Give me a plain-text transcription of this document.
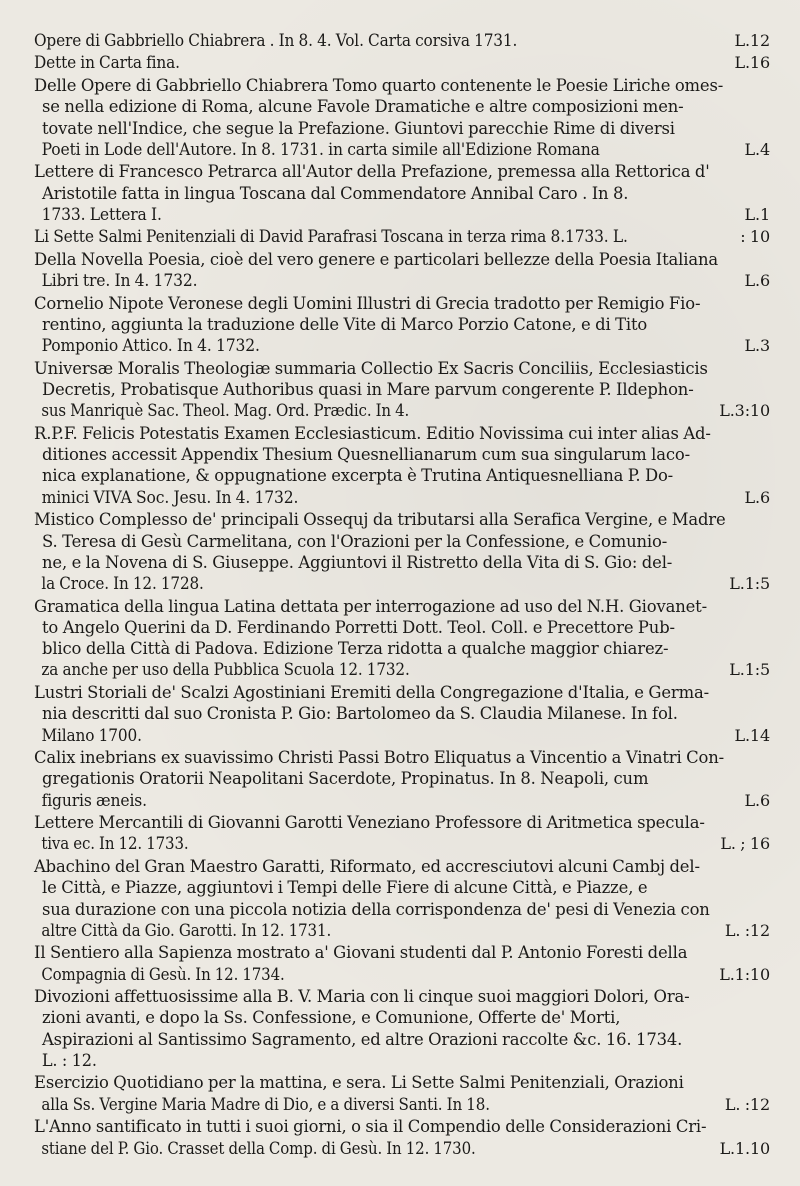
Opere di Gabbriello Chiabrera . In 8. 4. Vol. Carta corsiva 1731.	L.12
Dette in Carta fina.	L.16
Delle Opere di Gabbriello Chiabrera Tomo quarto contenente le Poesie Liriche omes-
se nella edizione di Roma, alcune Favole Dramatiche e altre composizioni men-
tovate nell'Indice, che segue la Prefazione. Giuntovi parecchie Rime di diversi
Poeti in Lode dell'Autore. In 8. 1731. in carta simile all'Edizione Romana	L.4
Lettere di Francesco Petrarca all'Autor della Prefazione, premessa alla Rettorica d'
Aristotile fatta in lingua Toscana dal Commendatore Annibal Caro . In 8.
1733. Lettera I.	L.1
Li Sette Salmi Penitenziali di David Parafrasi Toscana in terza rima 8.1733. L.	: 10
Della Novella Poesia, cioè del vero genere e particolari bellezze della Poesia Italiana
Libri tre. In 4. 1732.	L.6
Cornelio Nipote Veronese degli Uomini Illustri di Grecia tradotto per Remigio Fio-
rentino, aggiunta la traduzione delle Vite di Marco Porzio Catone, e di Tito
Pomponio Attico. In 4. 1732.	L.3
Universæ Moralis Theologiæ summaria Collectio Ex Sacris Conciliis, Ecclesiasticis
Decretis, Probatisque Authoribus quasi in Mare parvum congerente P. Ildephon-
sus Manriquè Sac. Theol. Mag. Ord. Prædic. In 4.	L.3:10
R.P.F. Felicis Potestatis Examen Ecclesiasticum. Editio Novissima cui inter alias Ad-
ditiones accessit Appendix Thesium Quesnellianarum cum sua singularum laco-
nica explanatione, & oppugnatione excerpta è Trutina Antiquesnelliana P. Do-
minici VIVA Soc. Jesu. In 4. 1732.	L.6
Mistico Complesso de' principali Ossequj da tributarsi alla Serafica Vergine, e Madre
S. Teresa di Gesù Carmelitana, con l'Orazioni per la Confessione, e Comunio-
ne, e la Novena di S. Giuseppe. Aggiuntovi il Ristretto della Vita di S. Gio: del-
la Croce. In 12. 1728.	L.1:5
Gramatica della lingua Latina dettata per interrogazione ad uso del N.H. Giovanet-
to Angelo Querini da D. Ferdinando Porretti Dott. Teol. Coll. e Precettore Pub-
blico della Città di Padova. Edizione Terza ridotta a qualche maggior chiarez-
za anche per uso della Pubblica Scuola 12. 1732.	L.1:5
Lustri Storiali de' Scalzi Agostiniani Eremiti della Congregazione d'Italia, e Germa-
nia descritti dal suo Cronista P. Gio: Bartolomeo da S. Claudia Milanese. In fol.
Milano 1700.	L.14
Calix inebrians ex suavissimo Christi Passi Botro Eliquatus a Vincentio a Vinatri Con-
gregationis Oratorii Neapolitani Sacerdote, Propinatus. In 8. Neapoli, cum
figuris æneis.	L.6
Lettere Mercantili di Giovanni Garotti Veneziano Professore di Aritmetica specula-
tiva ec. In 12. 1733.	L. ; 16
Abachino del Gran Maestro Garatti, Riformato, ed accresciutovi alcuni Cambj del-
le Città, e Piazze, aggiuntovi i Tempi delle Fiere di alcune Città, e Piazze, e
sua durazione con una piccola notizia della corrispondenza de' pesi di Venezia con
altre Città da Gio. Garotti. In 12. 1731.	L. :12
Il Sentiero alla Sapienza mostrato a' Giovani studenti dal P. Antonio Foresti della
Compagnia di Gesù. In 12. 1734.	L.1:10
Divozioni affettuosissime alla B. V. Maria con li cinque suoi maggiori Dolori, Ora-
zioni avanti, e dopo la Ss. Confessione, e Comunione, Offerte de' Morti,
Aspirazioni al Santissimo Sagramento, ed altre Orazioni raccolte &c. 16. 1734.
L. : 12.
Esercizio Quotidiano per la mattina, e sera. Li Sette Salmi Penitenziali, Orazioni
alla Ss. Vergine Maria Madre di Dio, e a diversi Santi. In 18.	L. :12
L'Anno santificato in tutti i suoi giorni, o sia il Compendio delle Considerazioni Cri-
stiane del P. Gio. Crasset della Comp. di Gesù. In 12. 1730.	L.1.10
